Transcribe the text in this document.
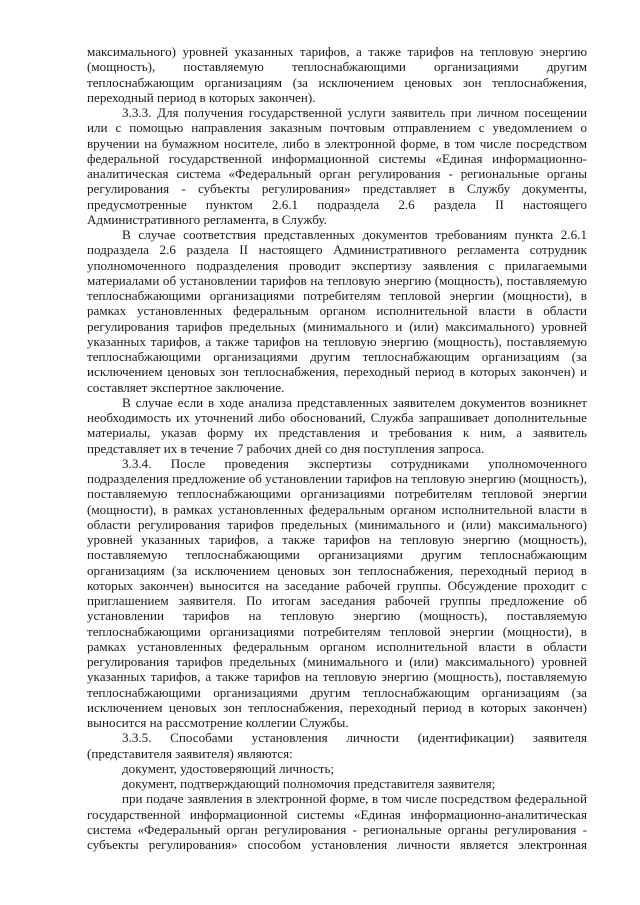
максимального) уровней указанных тарифов, а также тарифов на тепловую энергию (мощность), поставляемую теплоснабжающими организациями другим теплоснабжающим организациям (за исключением ценовых зон теплоснабжения, переходный период в которых закончен).

3.3.3. Для получения государственной услуги заявитель при личном посещении или с помощью направления заказным почтовым отправлением с уведомлением о вручении на бумажном носителе, либо в электронной форме, в том числе посредством федеральной государственной информационной системы «Единая информационно-аналитическая система «Федеральный орган регулирования - региональные органы регулирования - субъекты регулирования» представляет в Службу документы, предусмотренные пунктом 2.6.1 подраздела 2.6 раздела II настоящего Административного регламента, в Службу.

В случае соответствия представленных документов требованиям пункта 2.6.1 подраздела 2.6 раздела II настоящего Административного регламента сотрудник уполномоченного подразделения проводит экспертизу заявления с прилагаемыми материалами об установлении тарифов на тепловую энергию (мощность), поставляемую теплоснабжающими организациями потребителям тепловой энергии (мощности), в рамках установленных федеральным органом исполнительной власти в области регулирования тарифов предельных (минимального и (или) максимального) уровней указанных тарифов, а также тарифов на тепловую энергию (мощность), поставляемую теплоснабжающими организациями другим теплоснабжающим организациям (за исключением ценовых зон теплоснабжения, переходный период в которых закончен) и составляет экспертное заключение.

В случае если в ходе анализа представленных заявителем документов возникнет необходимость их уточнений либо обоснований, Служба запрашивает дополнительные материалы, указав форму их представления и требования к ним, а заявитель представляет их в течение 7 рабочих дней со дня поступления запроса.

3.3.4. После проведения экспертизы сотрудниками уполномоченного подразделения предложение об установлении тарифов на тепловую энергию (мощность), поставляемую теплоснабжающими организациями потребителям тепловой энергии (мощности), в рамках установленных федеральным органом исполнительной власти в области регулирования тарифов предельных (минимального и (или) максимального) уровней указанных тарифов, а также тарифов на тепловую энергию (мощность), поставляемую теплоснабжающими организациями другим теплоснабжающим организациям (за исключением ценовых зон теплоснабжения, переходный период в которых закончен) выносится на заседание рабочей группы. Обсуждение проходит с приглашением заявителя. По итогам заседания рабочей группы предложение об установлении тарифов на тепловую энергию (мощность), поставляемую теплоснабжающими организациями потребителям тепловой энергии (мощности), в рамках установленных федеральным органом исполнительной власти в области регулирования тарифов предельных (минимального и (или) максимального) уровней указанных тарифов, а также тарифов на тепловую энергию (мощность), поставляемую теплоснабжающими организациями другим теплоснабжающим организациям (за исключением ценовых зон теплоснабжения, переходный период в которых закончен) выносится на рассмотрение коллегии Службы.

3.3.5. Способами установления личности (идентификации) заявителя (представителя заявителя) являются:

документ, удостоверяющий личность;

документ, подтверждающий полномочия представителя заявителя;

при подаче заявления в электронной форме, в том числе посредством федеральной государственной информационной системы «Единая информационно-аналитическая система «Федеральный орган регулирования - региональные органы регулирования - субъекты регулирования» способом установления личности является электронная
